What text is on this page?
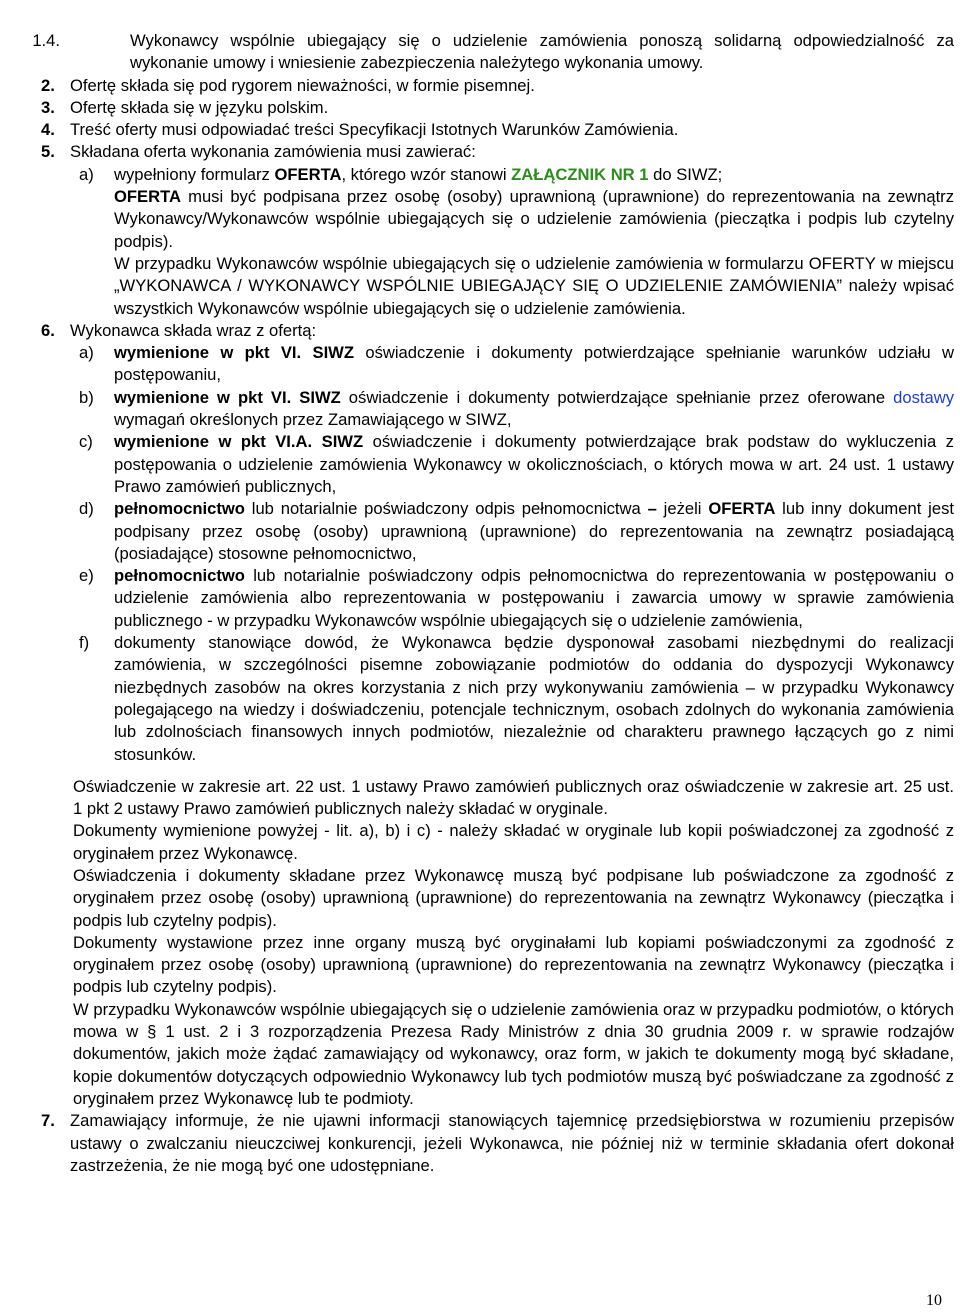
1.4.	Wykonawcy wspólnie ubiegający się o udzielenie zamówienia ponoszą solidarną odpowiedzialność za wykonanie umowy i wniesienie zabezpieczenia należytego wykonania umowy.
2. Ofertę składa się pod rygorem nieważności, w formie pisemnej.
3. Ofertę składa się w języku polskim.
4. Treść oferty musi odpowiadać treści Specyfikacji Istotnych Warunków Zamówienia.
5. Składana oferta wykonania zamówienia musi zawierać:
a) wypełniony formularz OFERTA, którego wzór stanowi ZAŁĄCZNIK NR 1 do SIWZ;
OFERTA musi być podpisana przez osobę (osoby) uprawnioną (uprawnione) do reprezentowania na zewnątrz Wykonawcy/Wykonawców wspólnie ubiegających się o udzielenie zamówienia (pieczątka i podpis lub czytelny podpis).
W przypadku Wykonawców wspólnie ubiegających się o udzielenie zamówienia w formularzu OFERTY w miejscu „WYKONAWCA / WYKONAWCY WSPÓLNIE UBIEGAJĄCY SIĘ O UDZIELENIE ZAMÓWIENIA” należy wpisać wszystkich Wykonawców wspólnie ubiegających się o udzielenie zamówienia.
6. Wykonawca składa wraz z ofertą:
a) wymienione w pkt VI. SIWZ oświadczenie i dokumenty potwierdzające spełnianie warunków udziału w postępowaniu,
b) wymienione w pkt VI. SIWZ oświadczenie i dokumenty potwierdzające spełnianie przez oferowane dostawy wymagań określonych przez Zamawiającego w SIWZ,
c) wymienione w pkt VI.A. SIWZ oświadczenie i dokumenty potwierdzające brak podstaw do wykluczenia z postępowania o udzielenie zamówienia Wykonawcy w okolicznościach, o których mowa w art. 24 ust. 1 ustawy Prawo zamówień publicznych,
d) pełnomocnictwo lub notarialnie poświadczony odpis pełnomocnictwa – jeżeli OFERTA lub inny dokument jest podpisany przez osobę (osoby) uprawnioną (uprawnione) do reprezentowania na zewnątrz posiadającą (posiadające) stosowne pełnomocnictwo,
e) pełnomocnictwo lub notarialnie poświadczony odpis pełnomocnictwa do reprezentowania w postępowaniu o udzielenie zamówienia albo reprezentowania w postępowaniu i zawarcia umowy w sprawie zamówienia publicznego - w przypadku Wykonawców wspólnie ubiegających się o udzielenie zamówienia,
f) dokumenty stanowiące dowód, że Wykonawca będzie dysponował zasobami niezbędnymi do realizacji zamówienia, w szczególności pisemne zobowiązanie podmiotów do oddania do dyspozycji Wykonawcy niezbędnych zasobów na okres korzystania z nich przy wykonywaniu zamówienia – w przypadku Wykonawcy polegającego na wiedzy i doświadczeniu, potencjale technicznym, osobach zdolnych do wykonania zamówienia lub zdolnościach finansowych innych podmiotów, niezależnie od charakteru prawnego łączących go z nimi stosunków.
Oświadczenie w zakresie art. 22 ust. 1 ustawy Prawo zamówień publicznych oraz oświadczenie w zakresie art. 25 ust. 1 pkt 2 ustawy Prawo zamówień publicznych należy składać w oryginale.
Dokumenty wymienione powyżej - lit. a), b) i c) - należy składać w oryginale lub kopii poświadczonej za zgodność z oryginałem przez Wykonawcę.
Oświadczenia i dokumenty składane przez Wykonawcę muszą być podpisane lub poświadczone za zgodność z oryginałem przez osobę (osoby) uprawnioną (uprawnione) do reprezentowania na zewnątrz Wykonawcy (pieczątka i podpis lub czytelny podpis).
Dokumenty wystawione przez inne organy muszą być oryginałami lub kopiami poświadczonymi za zgodność z oryginałem przez osobę (osoby) uprawnioną (uprawnione) do reprezentowania na zewnątrz Wykonawcy (pieczątka i podpis lub czytelny podpis).
W przypadku Wykonawców wspólnie ubiegających się o udzielenie zamówienia oraz w przypadku podmiotów, o których mowa w § 1 ust. 2 i 3 rozporządzenia Prezesa Rady Ministrów z dnia 30 grudnia 2009 r. w sprawie rodzajów dokumentów, jakich może żądać zamawiający od wykonawcy, oraz form, w jakich te dokumenty mogą być składane, kopie dokumentów dotyczących odpowiednio Wykonawcy lub tych podmiotów muszą być poświadczane za zgodność z oryginałem przez Wykonawcę lub te podmioty.
7. Zamawiający informuje, że nie ujawni informacji stanowiących tajemnicę przedsiębiorstwa w rozumieniu przepisów ustawy o zwalczaniu nieuczciwej konkurencji, jeżeli Wykonawca, nie później niż w terminie składania ofert dokonał zastrzeżenia, że nie mogą być one udostępniane.
10
